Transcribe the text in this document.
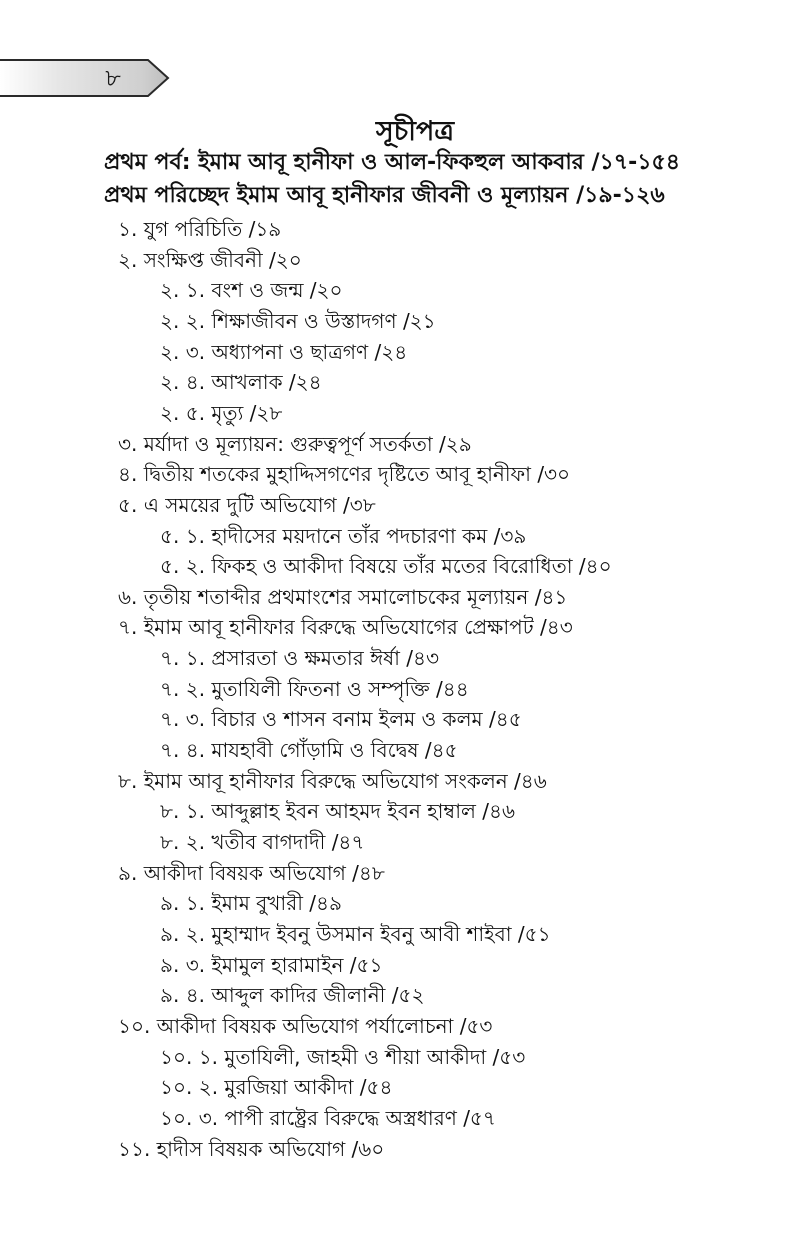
৮
সূচীপত্র
প্রথম পর্ব: ইমাম আবূ হানীফা ও আল-ফিকহুল আকবার /১৭-১৫৪
প্রথম পরিচ্ছেদ ইমাম আবূ হানীফার জীবনী ও মূল্যায়ন /১৯-১২৬
১. যুগ পরিচিতি /১৯
২. সংক্ষিপ্ত জীবনী /২০
২. ১. বংশ ও জন্ম /২০
২. ২. শিক্ষাজীবন ও উস্তাদগণ /২১
২. ৩. অধ্যাপনা ও ছাত্রগণ /২৪
২. ৪. আখলাক /২৪
২. ৫. মৃত্যু /২৮
৩. মর্যাদা ও মূল্যায়ন: গুরুত্বপূর্ণ সতর্কতা /২৯
৪. দ্বিতীয় শতকের মুহাদ্দিসগণের দৃষ্টিতে আবূ হানীফা /৩০
৫. এ সময়ের দুটি অভিযোগ /৩৮
৫. ১. হাদীসের ময়দানে তাঁর পদচারণা কম /৩৯
৫. ২. ফিকহ ও আকীদা বিষয়ে তাঁর মতের বিরোধিতা /৪০
৬. তৃতীয় শতাব্দীর প্রথমাংশের সমালোচকের মূল্যায়ন /৪১
৭. ইমাম আবূ হানীফার বিরুদ্ধে অভিযোগের প্রেক্ষাপট /৪৩
৭. ১. প্রসারতা ও ক্ষমতার ঈর্ষা /৪৩
৭. ২. মুতাযিলী ফিতনা ও সম্পৃক্তি /৪৪
৭. ৩. বিচার ও শাসন বনাম ইলম ও কলম /৪৫
৭. ৪. মাযহাবী গোঁড়ামি ও বিদ্বেষ /৪৫
৮. ইমাম আবূ হানীফার বিরুদ্ধে অভিযোগ সংকলন /৪৬
৮. ১. আব্দুল্লাহ ইবন আহমদ ইবন হাম্বাল /৪৬
৮. ২. খতীব বাগদাদী /৪৭
৯. আকীদা বিষয়ক অভিযোগ /৪৮
৯. ১. ইমাম বুখারী /৪৯
৯. ২. মুহাম্মাদ ইবনু উসমান ইবনু আবী শাইবা /৫১
৯. ৩. ইমামুল হারামাইন /৫১
৯. ৪. আব্দুল কাদির জীলানী /৫২
১০. আকীদা বিষয়ক অভিযোগ পর্যালোচনা /৫৩
১০. ১. মুতাযিলী, জাহমী ও শীয়া আকীদা /৫৩
১০. ২. মুরজিয়া আকীদা /৫৪
১০. ৩. পাপী রাষ্ট্রের বিরুদ্ধে অস্ত্রধারণ /৫৭
১১. হাদীস বিষয়ক অভিযোগ /৬০
